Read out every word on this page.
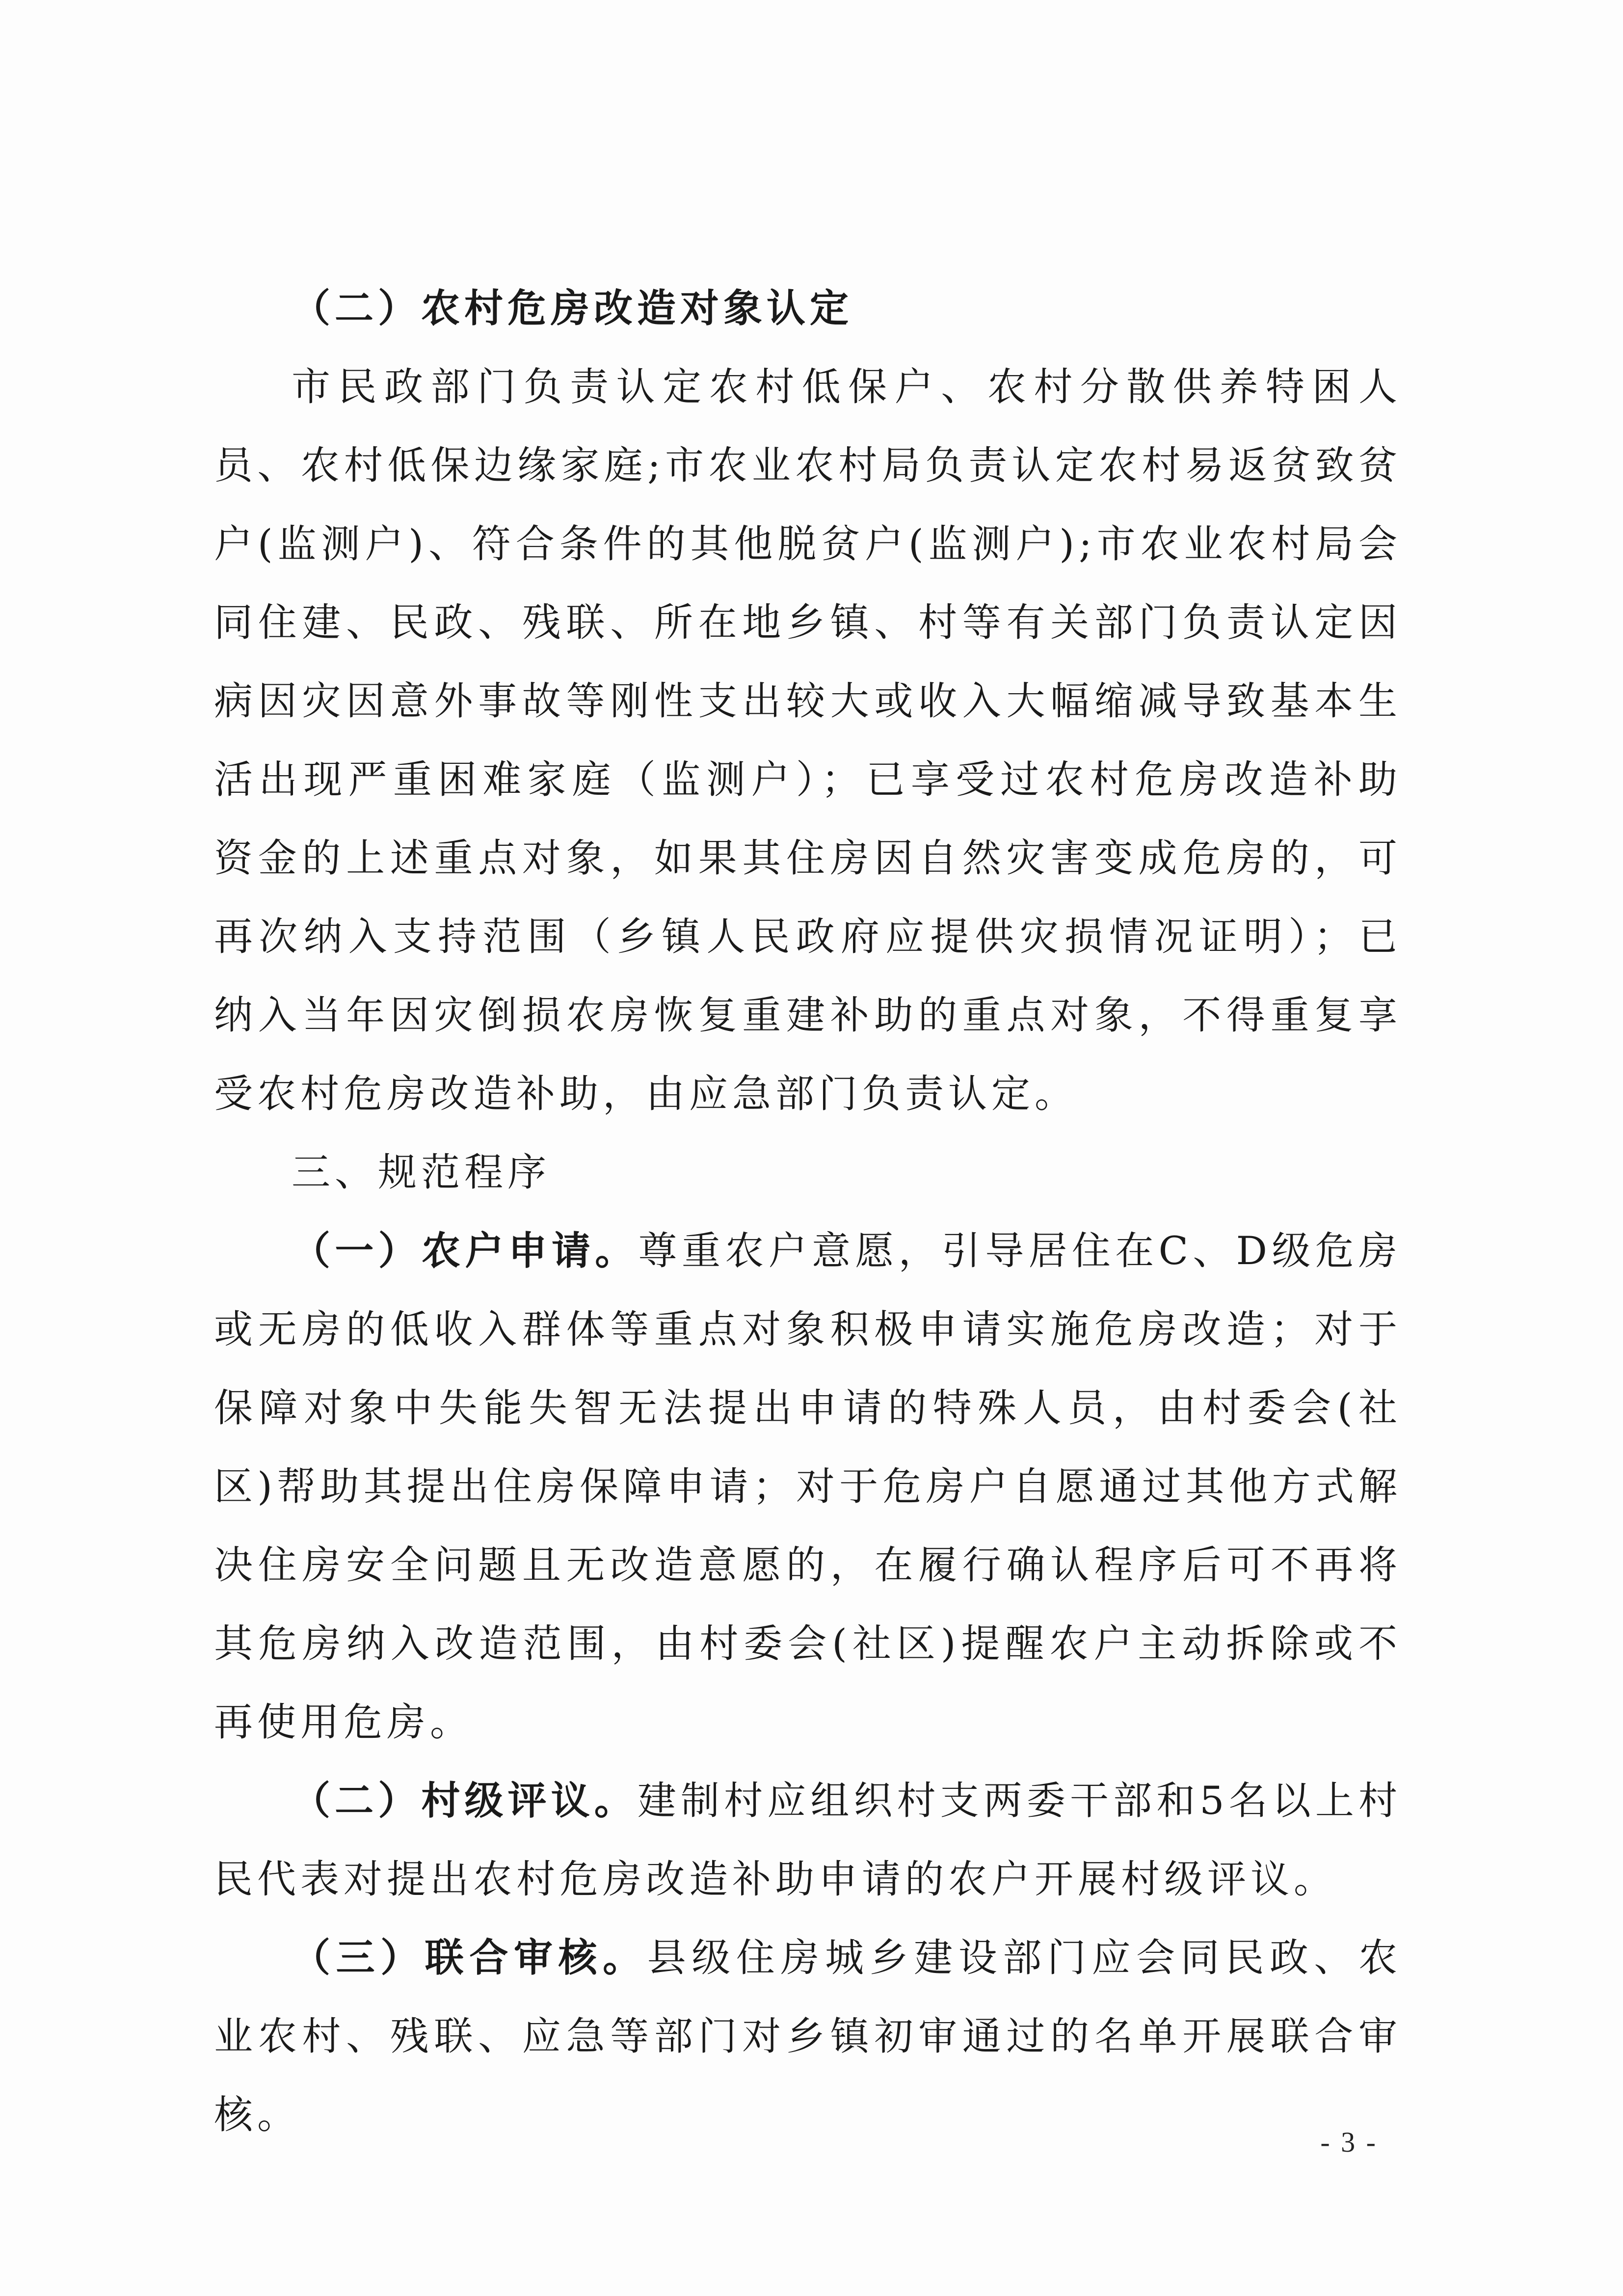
（二）农村危房改造对象认定

市民政部门负责认定农村低保户、农村分散供养特困人员、农村低保边缘家庭;市农业农村局负责认定农村易返贫致贫户(监测户)、符合条件的其他脱贫户(监测户);市农业农村局会同住建、民政、残联、所在地乡镇、村等有关部门负责认定因病因灾因意外事故等刚性支出较大或收入大幅缩减导致基本生活出现严重困难家庭（监测户）；已享受过农村危房改造补助资金的上述重点对象，如果其住房因自然灾害变成危房的，可再次纳入支持范围（乡镇人民政府应提供灾损情况证明）；已纳入当年因灾倒损农房恢复重建补助的重点对象，不得重复享受农村危房改造补助，由应急部门负责认定。

三、规范程序

（一）农户申请。尊重农户意愿，引导居住在C、D级危房或无房的低收入群体等重点对象积极申请实施危房改造；对于保障对象中失能失智无法提出申请的特殊人员，由村委会(社区)帮助其提出住房保障申请；对于危房户自愿通过其他方式解决住房安全问题且无改造意愿的，在履行确认程序后可不再将其危房纳入改造范围，由村委会(社区)提醒农户主动拆除或不再使用危房。

（二）村级评议。建制村应组织村支两委干部和5名以上村民代表对提出农村危房改造补助申请的农户开展村级评议。

（三）联合审核。县级住房城乡建设部门应会同民政、农业农村、残联、应急等部门对乡镇初审通过的名单开展联合审核。

- 3 -
